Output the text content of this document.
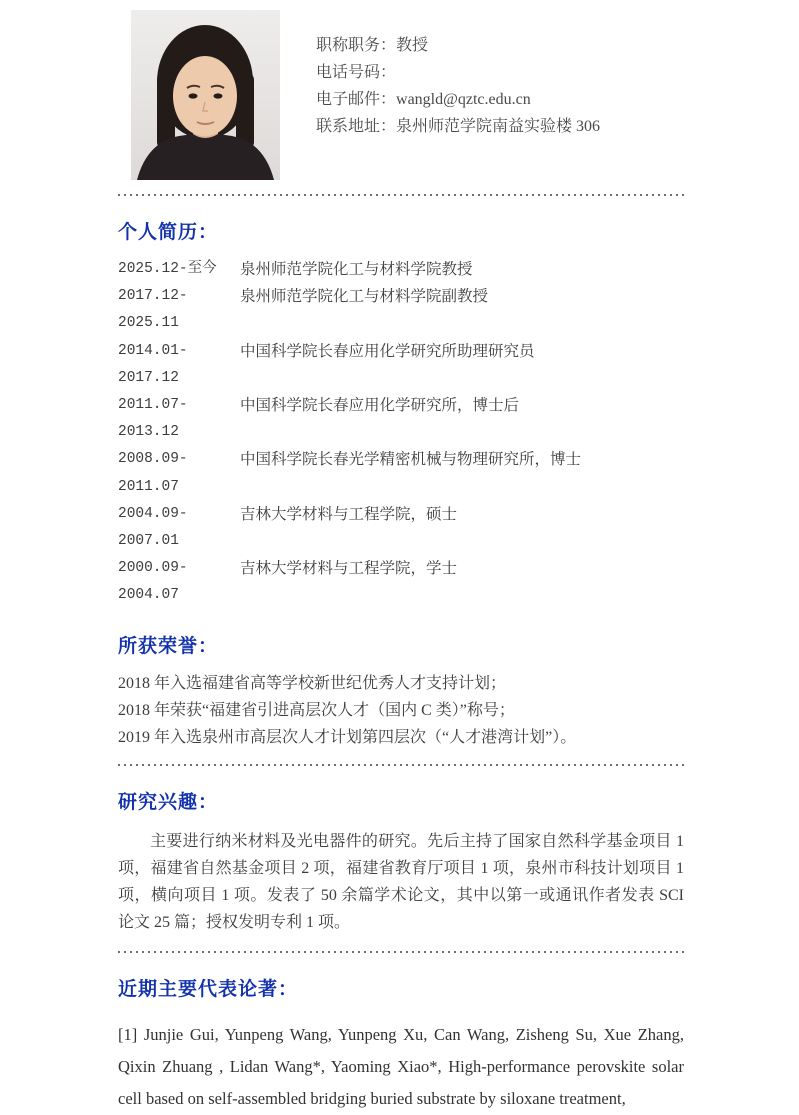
职称职务：教授
电话号码：
电子邮件：wangld@qztc.edu.cn
联系地址：泉州师范学院南益实验楼 306
个人简历：
2025.12-至今	泉州师范学院化工与材料学院教授
2017.12-2025.11
泉州师范学院化工与材料学院副教授
2014.01-2017.12
中国科学院长春应用化学研究所助理研究员
2011.07-2013.12
中国科学院长春应用化学研究所，博士后
2008.09-2011.07
中国科学院长春光学精密机械与物理研究所，博士
2004.09-2007.01
吉林大学材料与工程学院，硕士
2000.09-2004.07
吉林大学材料与工程学院，学士
所获荣誉：
2018 年入选福建省高等学校新世纪优秀人才支持计划；
2018 年荣获“福建省引进高层次人才（国内 C 类）”称号；
2019 年入选泉州市高层次人才计划第四层次（“人才港湾计划”）。
研究兴趣：

主要进行纳米材料及光电器件的研究。先后主持了国家自然科学基金项目 1 项，福建省自然基金项目 2 项，福建省教育厅项目 1 项，泉州市科技计划项目 1 项，横向项目 1 项。发表了 50 余篇学术论文，其中以第一或通讯作者发表 SCI 论文 25 篇；授权发明专利 1 项。

近期主要代表论著：

[1] Junjie Gui, Yunpeng Wang, Yunpeng Xu, Can Wang, Zisheng Su, Xue Zhang, Qixin Zhuang , Lidan Wang*, Yaoming Xiao*, High-performance perovskite solar cell based on self-assembled bridging buried substrate by siloxane treatment,
